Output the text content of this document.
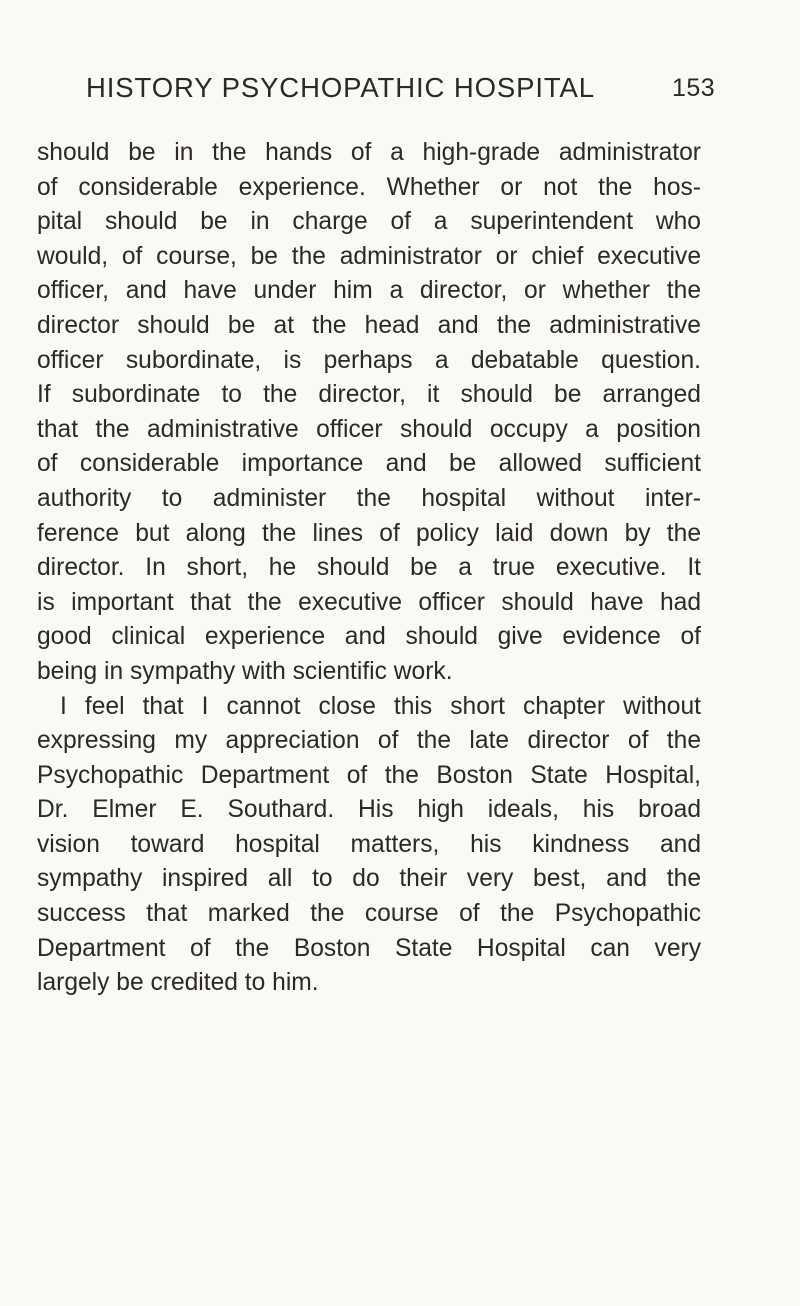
HISTORY PSYCHOPATHIC HOSPITAL	153
should be in the hands of a high-grade administrator
of considerable experience. Whether or not the hos-
pital should be in charge of a superintendent who
would, of course, be the administrator or chief executive
officer, and have under him a director, or whether the
director should be at the head and the administrative
officer subordinate, is perhaps a debatable question.
If subordinate to the director, it should be arranged
that the administrative officer should occupy a position
of considerable importance and be allowed sufficient
authority to administer the hospital without inter-
ference but along the lines of policy laid down by the
director. In short, he should be a true executive. It
is important that the executive officer should have had
good clinical experience and should give evidence of
being in sympathy with scientific work.
I feel that I cannot close this short chapter without
expressing my appreciation of the late director of the
Psychopathic Department of the Boston State Hospital,
Dr. Elmer E. Southard. His high ideals, his broad
vision toward hospital matters, his kindness and
sympathy inspired all to do their very best, and the
success that marked the course of the Psychopathic
Department of the Boston State Hospital can very
largely be credited to him.
